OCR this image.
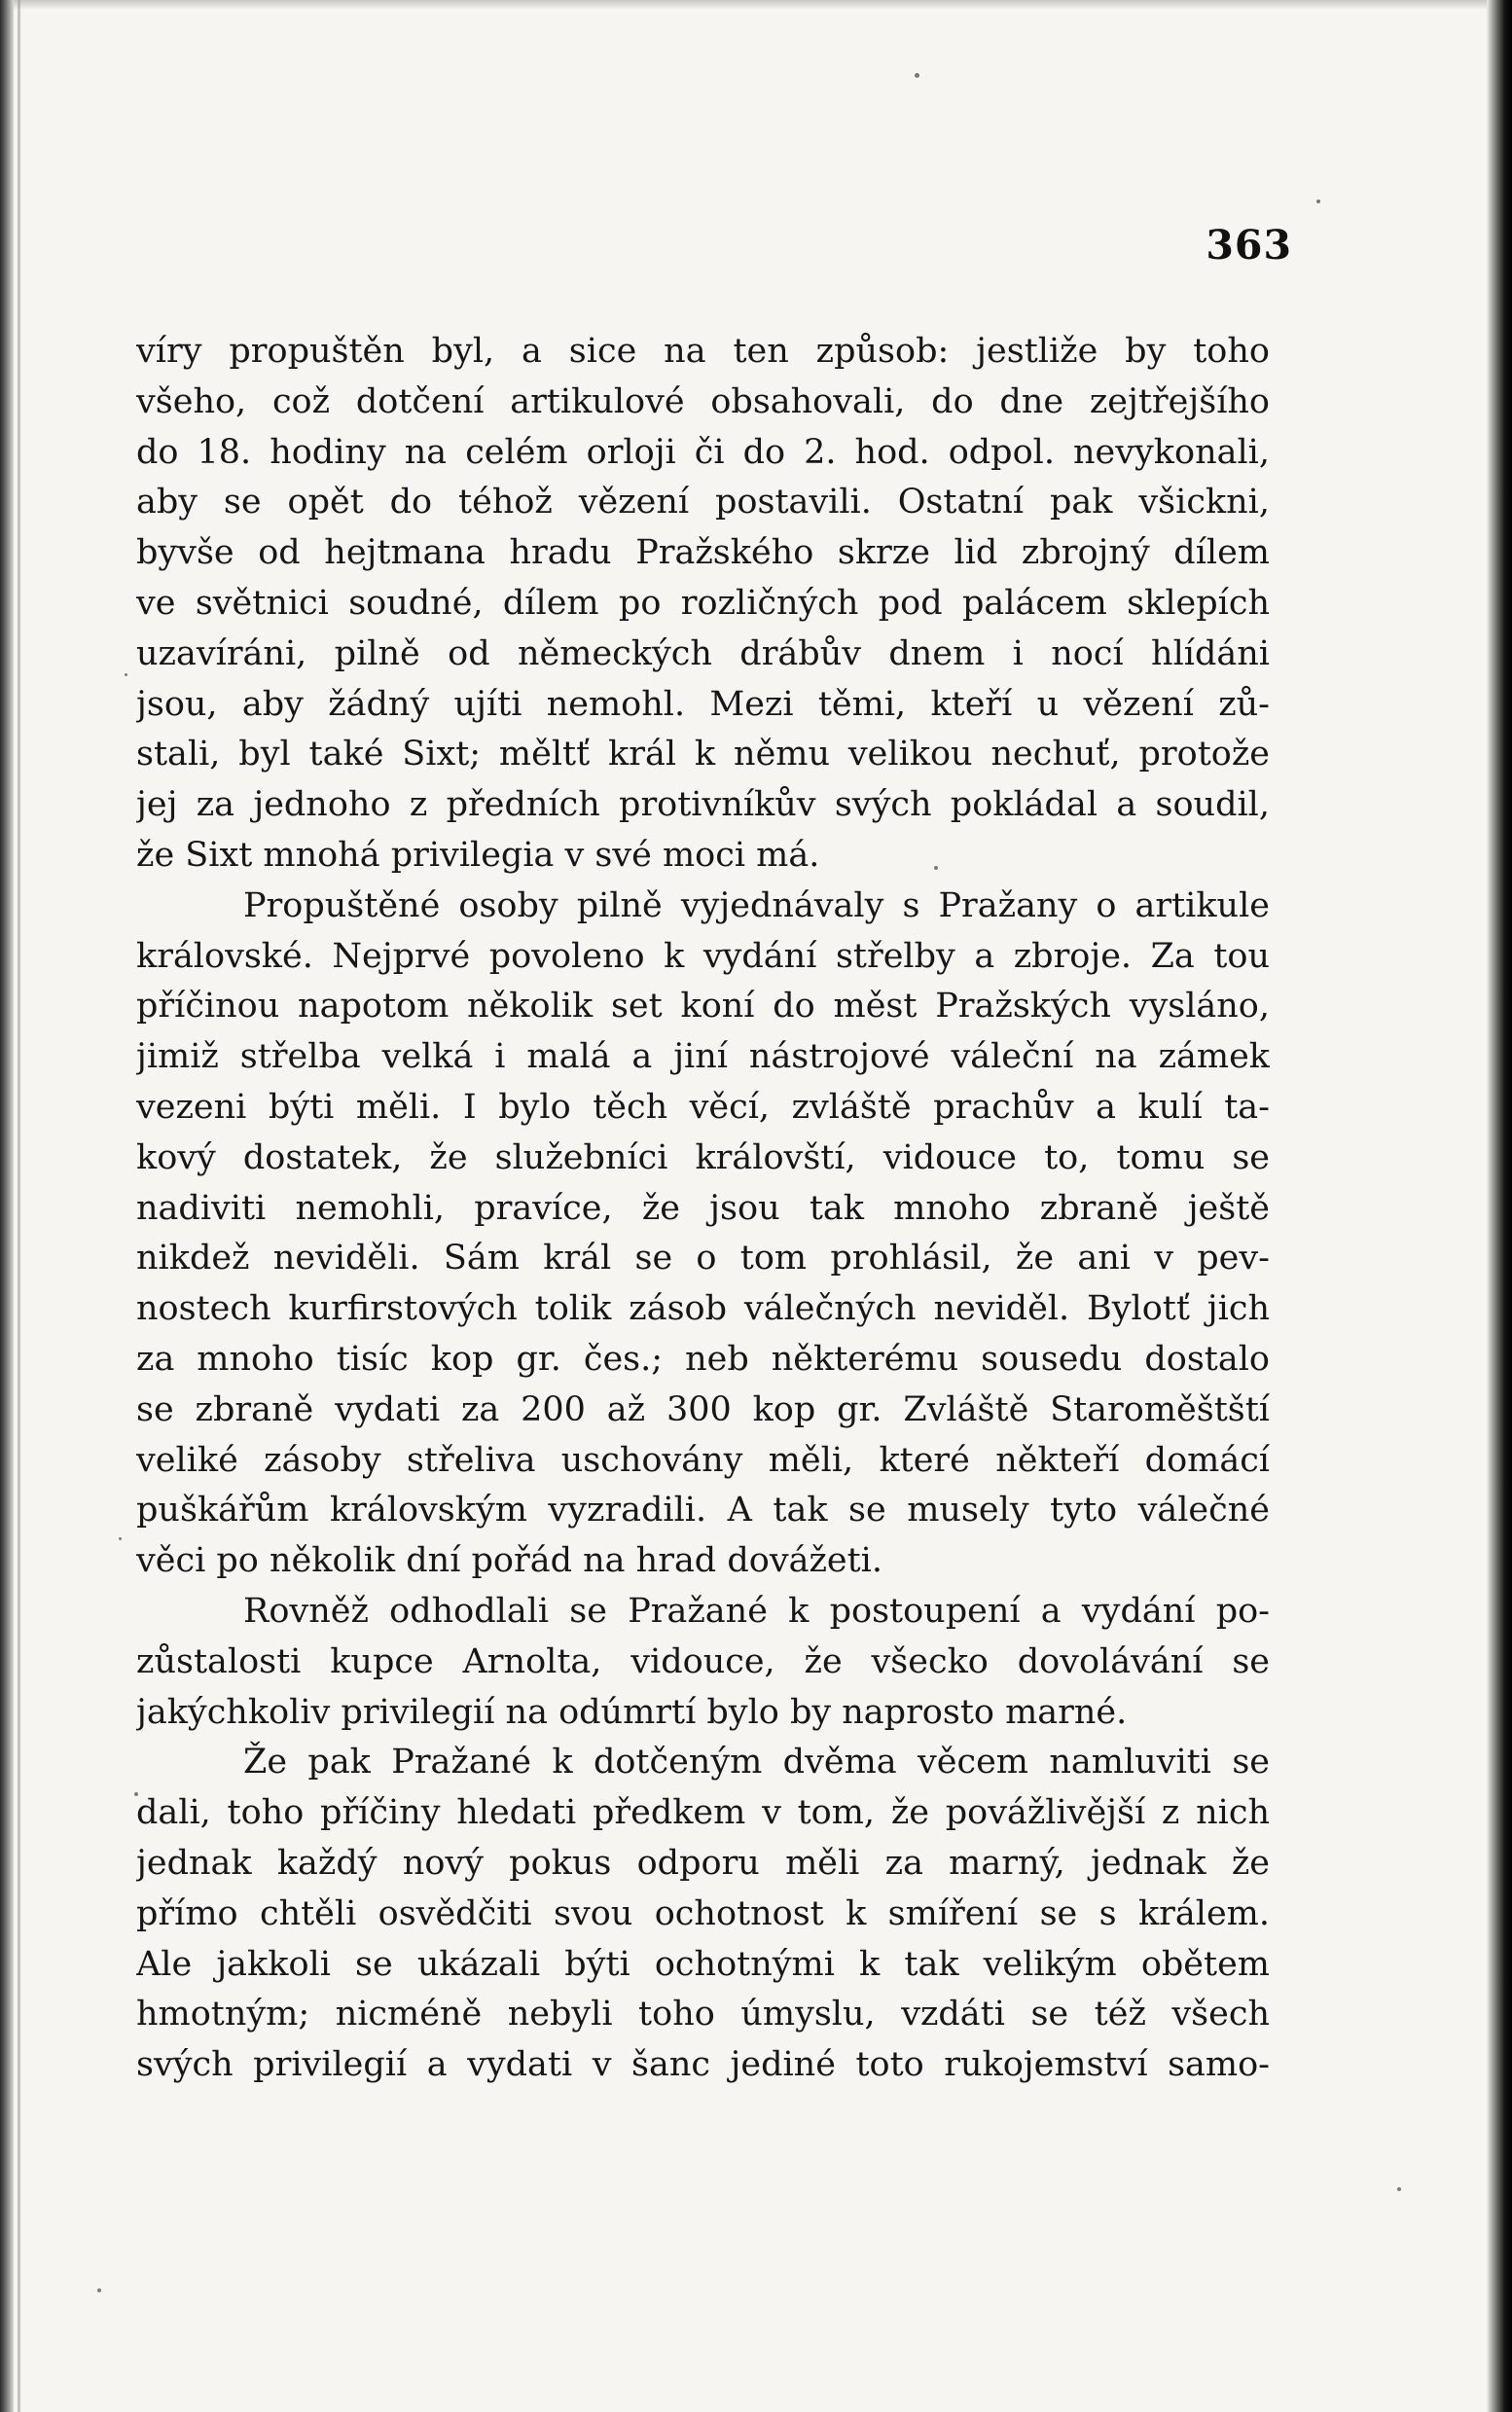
363
víry propuštěn byl, a sice na ten způsob: jestliže by toho
všeho, což dotčení artikulové obsahovali, do dne zejtřejšího
do 18. hodiny na celém orloji či do 2. hod. odpol. nevykonali,
aby se opět do téhož vězení postavili. Ostatní pak všickni,
byvše od hejtmana hradu Pražského skrze lid zbrojný dílem
ve světnici soudné, dílem po rozličných pod palácem sklepích
uzavíráni, pilně od německých drábův dnem i nocí hlídáni
jsou, aby žádný ujíti nemohl. Mezi těmi, kteří u vězení zů-
stali, byl také Sixt; měltť král k němu velikou nechuť, protože
jej za jednoho z předních protivníkův svých pokládal a soudil,
že Sixt mnohá privilegia v své moci má.
Propuštěné osoby pilně vyjednávaly s Pražany o artikule
královské. Nejprvé povoleno k vydání střelby a zbroje. Za tou
příčinou napotom několik set koní do měst Pražských vysláno,
jimiž střelba velká i malá a jiní nástrojové váleční na zámek
vezeni býti měli. I bylo těch věcí, zvláště prachův a kulí ta-
kový dostatek, že služebníci královští, vidouce to, tomu se
nadiviti nemohli, pravíce, že jsou tak mnoho zbraně ještě
nikdež neviděli. Sám král se o tom prohlásil, že ani v pev-
nostech kurfirstových tolik zásob válečných neviděl. Bylotť jich
za mnoho tisíc kop gr. čes.; neb některému sousedu dostalo
se zbraně vydati za 200 až 300 kop gr. Zvláště Staroměštští
veliké zásoby střeliva uschovány měli, které někteří domácí
puškářům královským vyzradili. A tak se musely tyto válečné
věci po několik dní pořád na hrad dovážeti.
Rovněž odhodlali se Pražané k postoupení a vydání po-
zůstalosti kupce Arnolta, vidouce, že všecko dovolávání se
jakýchkoliv privilegií na odúmrtí bylo by naprosto marné.
Že pak Pražané k dotčeným dvěma věcem namluviti se
dali, toho příčiny hledati předkem v tom, že povážlivější z nich
jednak každý nový pokus odporu měli za marný, jednak že
přímo chtěli osvědčiti svou ochotnost k smíření se s králem.
Ale jakkoli se ukázali býti ochotnými k tak velikým obětem
hmotným; nicméně nebyli toho úmyslu, vzdáti se též všech
svých privilegií a vydati v šanc jediné toto rukojemství samo-
